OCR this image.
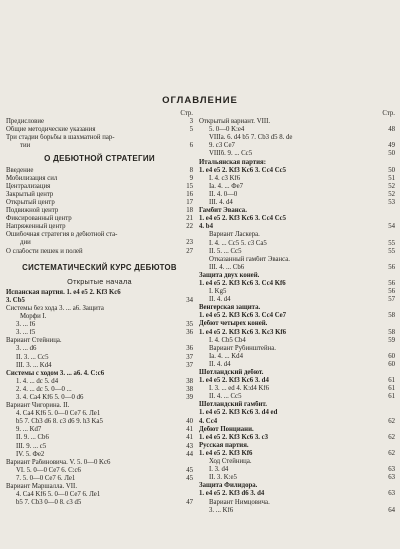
ОГЛАВЛЕНИЕ
Стр.
Предисловие	3
Общие методические указания	5
Три стадии борьбы в шахматной пар-
тии	6
О ДЕБЮТНОЙ СТРАТЕГИИ
Введение	8
Мобилизация сил	9
Централизация	15
Закрытый центр	16
Открытый центр	17
Подвижной центр	18
Фиксированный центр	21
Напряженный центр	22
Ошибочная стратегия в дебютной ста-
дии	23
О слабости пешек и полей	27
СИСТЕМАТИЧЕСКИЙ КУРС ДЕБЮТОВ
Открытые начала
Испанская партия. 1. e4 e5 2. Kf3 Kc6
3. Cb5	34
Системы без хода 3. ... a6. Защита
Морфи I.
3. ... f6	35
3. ... f5	36
Вариант Стейница.
3. ... d6	36
II. 3. ... Cc5	37
III. 3. ... Kd4	37
Системы с ходом 3. ... a6. 4. C:c6
1. 4. ... dc 5. d4	38
2. 4. ... dc 5. 0—0 ...	38
3. 4. Ca4 Kf6 5. 0—0 d6	39
Вариант Чигорина. II.
4. Ca4 Kf6 5. 0—0 Ce7 6. Ле1
b5 7. Cb3 d6 8. c3 d6 9. h3 Ka5	40
9. ... Kd7	41
II. 9. ... Cb6	41
III. 9. ... c5	43
IV. 5. Фe2	44
Вариант Рабиновича. V. 5. 0—0 Kc6
VI. 5. 0—0 Ce7 6. C:c6	45
7. 5. 0—0 Ce7 6. Ле1	45
Вариант Маршалла. VII.
4. Ca4 Kf6 5. 0—0 Ce7 6. Ле1
b5 7. Cb3 0—0 8. c3 d5	47
Стр.
Открытый вариант. VIII.
5. 0—0 K:e4	48
VIIIa. 6. d4 b5 7. Cb3 d5 8. de
9. c3 Ce7	49
VIIIб. 9. ... Cc5	50
Итальянская партия:
1. e4 e5 2. Kf3 Kc6 3. Cc4 Cc5	50
I. 4. c3 Kf6	51
Ia. 4. ... Фe7	52
II. 4. 0—0	52
III. 4. d4	53
Гамбит Эванса.
1. e4 e5 2. Kf3 Kc6 3. Cc4 Cc5
4. b4	54
Вариант Ласкера.
I. 4. ... Cc5 5. c3 Ca5	55
II. 5. ... Cc5	55
Отказанный гамбит Эванса.
III. 4. ... Cb6	56
Защита двух коней.
1. e4 e5 2. Kf3 Kc6 3. Cc4 Kf6	56
I. Kg5	56
II. 4. d4	57
Венгерская защита.
1. e4 e5 2. Kf3 Kc6 3. Cc4 Ce7	58
Дебют четырех коней.
1. e4 e5 2. Kf3 Kc6 3. Kc3 Kf6	58
I. 4. Cb5 Cb4	59
Вариант Рубинштейна.
Ia. 4. ... Kd4	60
II. 4. d4	60
Шотландский дебют.
1. e4 e5 2. Kf3 Kc6 3. d4	61
I. 3. ... ed 4. K:d4 Kf6	61
II. 4. ... Cc5	61
Шотландский гамбит.
1. e4 e5 2. Kf3 Kc6 3. d4 ed
4. Cc4	62
Дебют Понциани.
1. e4 e5 2. Kf3 Kc6 3. c3	62
Русская партия.
1. e4 e5 2. Kf3 Kf6	62
Ход Стейница.
I. 3. d4	63
II. 3. K:e5	63
Защита Филидора.
1. e4 e5 2. Kf3 d6 3. d4	63
Вариант Нимцовича.
3. ... Kf6	64
